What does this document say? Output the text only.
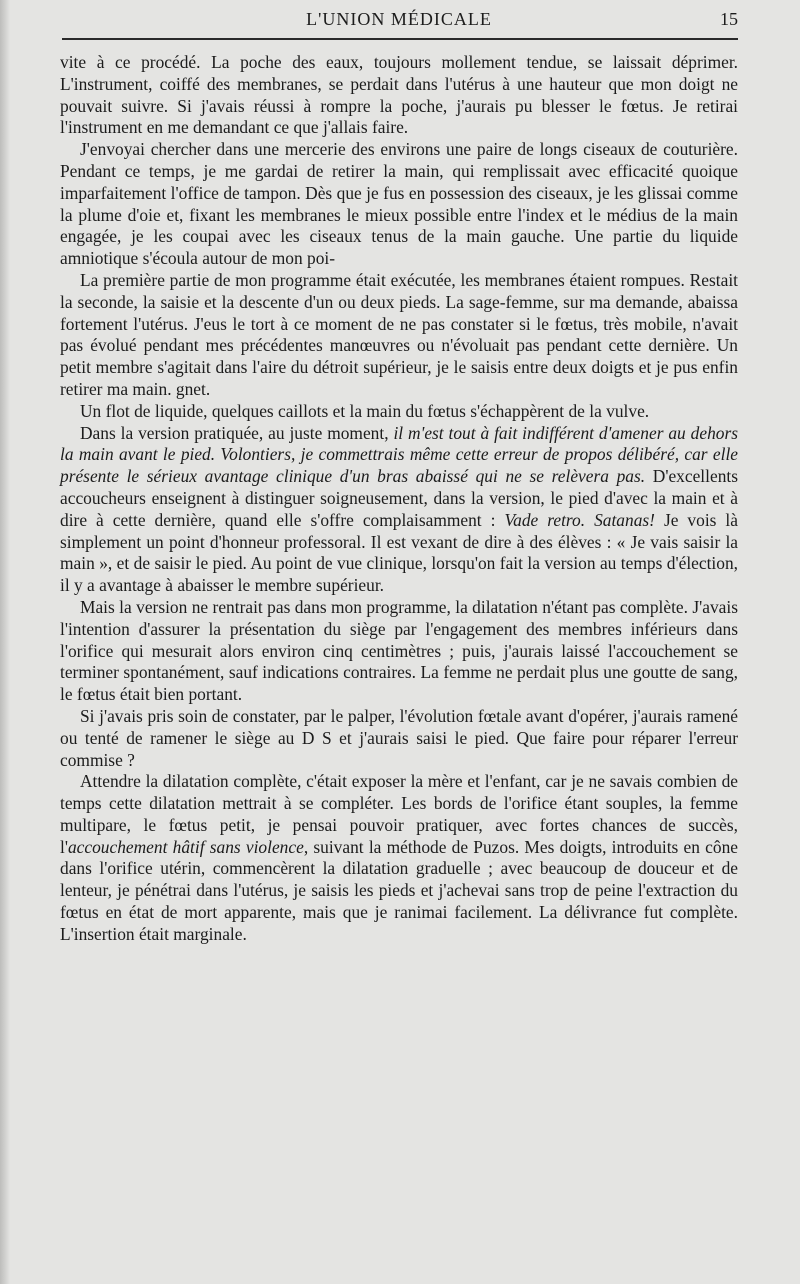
L'UNION MÉDICALE	15

vite à ce procédé. La poche des eaux, toujours mollement tendue, se laissait déprimer. L'instrument, coiffé des membranes, se perdait dans l'utérus à une hauteur que mon doigt ne pouvait suivre. Si j'avais réussi à rompre la poche, j'aurais pu blesser le fœtus. Je retirai l'instrument en me demandant ce que j'allais faire.

J'envoyai chercher dans une mercerie des environs une paire de longs ciseaux de couturière. Pendant ce temps, je me gardai de retirer la main, qui remplissait avec efficacité quoique imparfaitement l'office de tampon. Dès que je fus en possession des ciseaux, je les glissai comme la plume d'oie et, fixant les membranes le mieux possible entre l'index et le médius de la main engagée, je les coupai avec les ciseaux tenus de la main gauche. Une partie du liquide amniotique s'écoula autour de mon poi-

La première partie de mon programme était exécutée, les membranes étaient rompues. Restait la seconde, la saisie et la descente d'un ou deux pieds. La sage-femme, sur ma demande, abaissa fortement l'utérus. J'eus le tort à ce moment de ne pas constater si le fœtus, très mobile, n'avait pas évolué pendant mes précédentes manœuvres ou n'évoluait pas pendant cette dernière. Un petit membre s'agitait dans l'aire du détroit supérieur, je le saisis entre deux doigts et je pus enfin retirer ma main. gnet.

Un flot de liquide, quelques caillots et la main du fœtus s'échappèrent de la vulve.

Dans la version pratiquée, au juste moment, il m'est tout à fait indifférent d'amener au dehors la main avant le pied. Volontiers, je commettrais même cette erreur de propos délibéré, car elle présente le sérieux avantage clinique d'un bras abaissé qui ne se relèvera pas. D'excellents accoucheurs enseignent à distinguer soigneusement, dans la version, le pied d'avec la main et à dire à cette dernière, quand elle s'offre complaisamment : Vade retro. Satanas! Je vois là simplement un point d'honneur professoral. Il est vexant de dire à des élèves : « Je vais saisir la main », et de saisir le pied. Au point de vue clinique, lorsqu'on fait la version au temps d'élection, il y a avantage à abaisser le membre supérieur.

Mais la version ne rentrait pas dans mon programme, la dilatation n'étant pas complète. J'avais l'intention d'assurer la présentation du siège par l'engagement des membres inférieurs dans l'orifice qui mesurait alors environ cinq centimètres ; puis, j'aurais laissé l'accouchement se terminer spontanément, sauf indications contraires. La femme ne perdait plus une goutte de sang, le fœtus était bien portant.

Si j'avais pris soin de constater, par le palper, l'évolution fœtale avant d'opérer, j'aurais ramené ou tenté de ramener le siège au D S et j'aurais saisi le pied. Que faire pour réparer l'erreur commise ?

Attendre la dilatation complète, c'était exposer la mère et l'enfant, car je ne savais combien de temps cette dilatation mettrait à se compléter. Les bords de l'orifice étant souples, la femme multipare, le fœtus petit, je pensai pouvoir pratiquer, avec fortes chances de succès, l'accouchement hâtif sans violence, suivant la méthode de Puzos. Mes doigts, introduits en cône dans l'orifice utérin, commencèrent la dilatation graduelle ; avec beaucoup de douceur et de lenteur, je pénétrai dans l'utérus, je saisis les pieds et j'achevai sans trop de peine l'extraction du fœtus en état de mort apparente, mais que je ranimai facilement. La délivrance fut complète. L'insertion était marginale.
